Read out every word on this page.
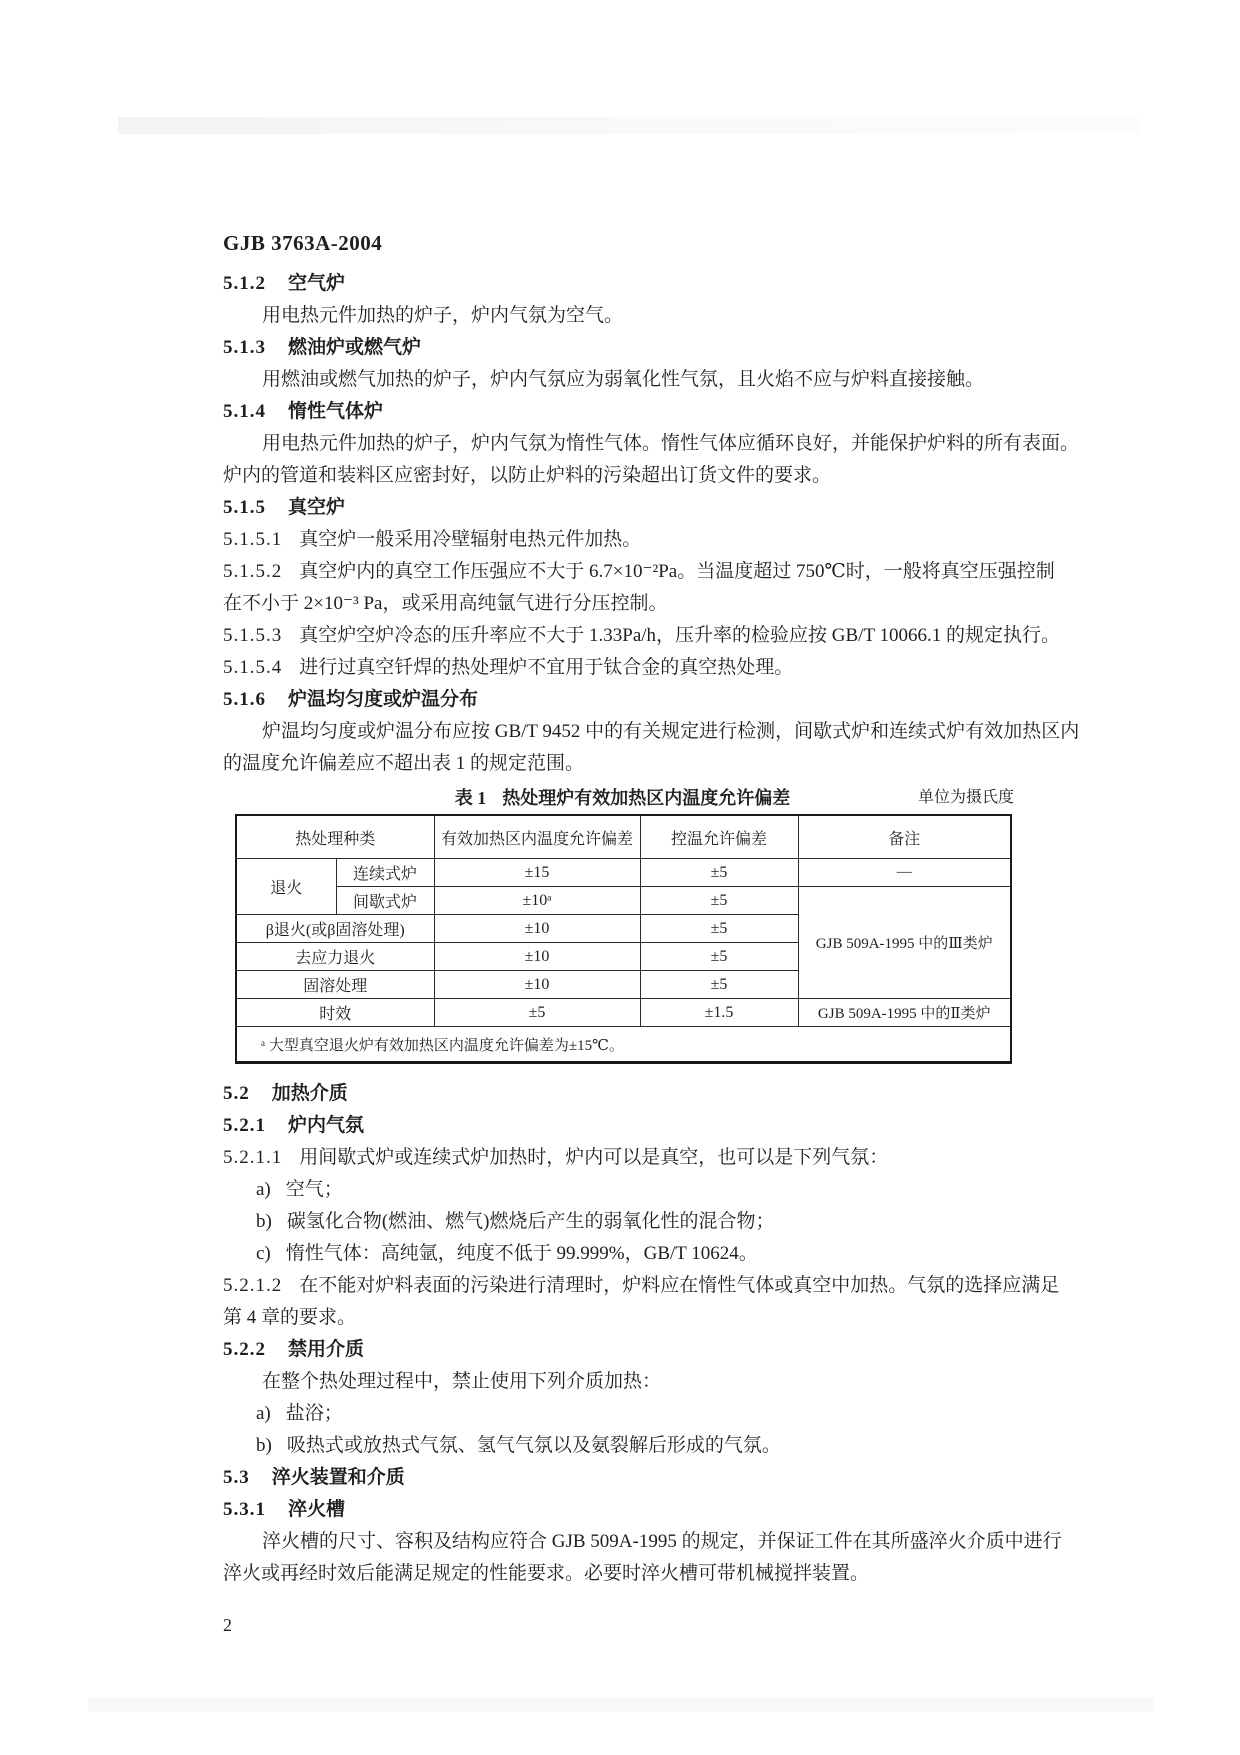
GJB 3763A-2004
5.1.2 空气炉
用电热元件加热的炉子，炉内气氛为空气。
5.1.3 燃油炉或燃气炉
用燃油或燃气加热的炉子，炉内气氛应为弱氧化性气氛，且火焰不应与炉料直接接触。
5.1.4 惰性气体炉
用电热元件加热的炉子，炉内气氛为惰性气体。惰性气体应循环良好，并能保护炉料的所有表面。
炉内的管道和装料区应密封好，以防止炉料的污染超出订货文件的要求。
5.1.5 真空炉
5.1.5.1 真空炉一般采用冷壁辐射电热元件加热。
5.1.5.2 真空炉内的真空工作压强应不大于 6.7×10⁻²Pa。当温度超过 750℃时，一般将真空压强控制
在不小于 2×10⁻³ Pa，或采用高纯氩气进行分压控制。
5.1.5.3 真空炉空炉冷态的压升率应不大于 1.33Pa/h，压升率的检验应按 GB/T 10066.1 的规定执行。
5.1.5.4 进行过真空钎焊的热处理炉不宜用于钛合金的真空热处理。
5.1.6 炉温均匀度或炉温分布
炉温均匀度或炉温分布应按 GB/T 9452 中的有关规定进行检测，间歇式炉和连续式炉有效加热区内
的温度允许偏差应不超出表 1 的规定范围。
表 1 热处理炉有效加热区内温度允许偏差	单位为摄氏度
热处理种类		有效加热区内温度允许偏差	控温允许偏差	备注
退火	连续式炉	±15	±5	—
	间歇式炉	±10ᵃ	±5	GJB 509A-1995 中的Ⅲ类炉
β退火(或β固溶处理)		±10	±5	
去应力退火		±10	±5	
固溶处理		±10	±5	
时效		±5	±1.5	GJB 509A-1995 中的Ⅱ类炉
ᵃ 大型真空退火炉有效加热区内温度允许偏差为±15℃。				
5.2 加热介质
5.2.1 炉内气氛
5.2.1.1 用间歇式炉或连续式炉加热时，炉内可以是真空，也可以是下列气氛：
a) 空气；
b) 碳氢化合物(燃油、燃气)燃烧后产生的弱氧化性的混合物；
c) 惰性气体：高纯氩，纯度不低于 99.999%，GB/T 10624。
5.2.1.2 在不能对炉料表面的污染进行清理时，炉料应在惰性气体或真空中加热。气氛的选择应满足
第 4 章的要求。
5.2.2 禁用介质
在整个热处理过程中，禁止使用下列介质加热：
a) 盐浴；
b) 吸热式或放热式气氛、氢气气氛以及氨裂解后形成的气氛。
5.3 淬火装置和介质
5.3.1 淬火槽
淬火槽的尺寸、容积及结构应符合 GJB 509A-1995 的规定，并保证工件在其所盛淬火介质中进行
淬火或再经时效后能满足规定的性能要求。必要时淬火槽可带机械搅拌装置。
2
